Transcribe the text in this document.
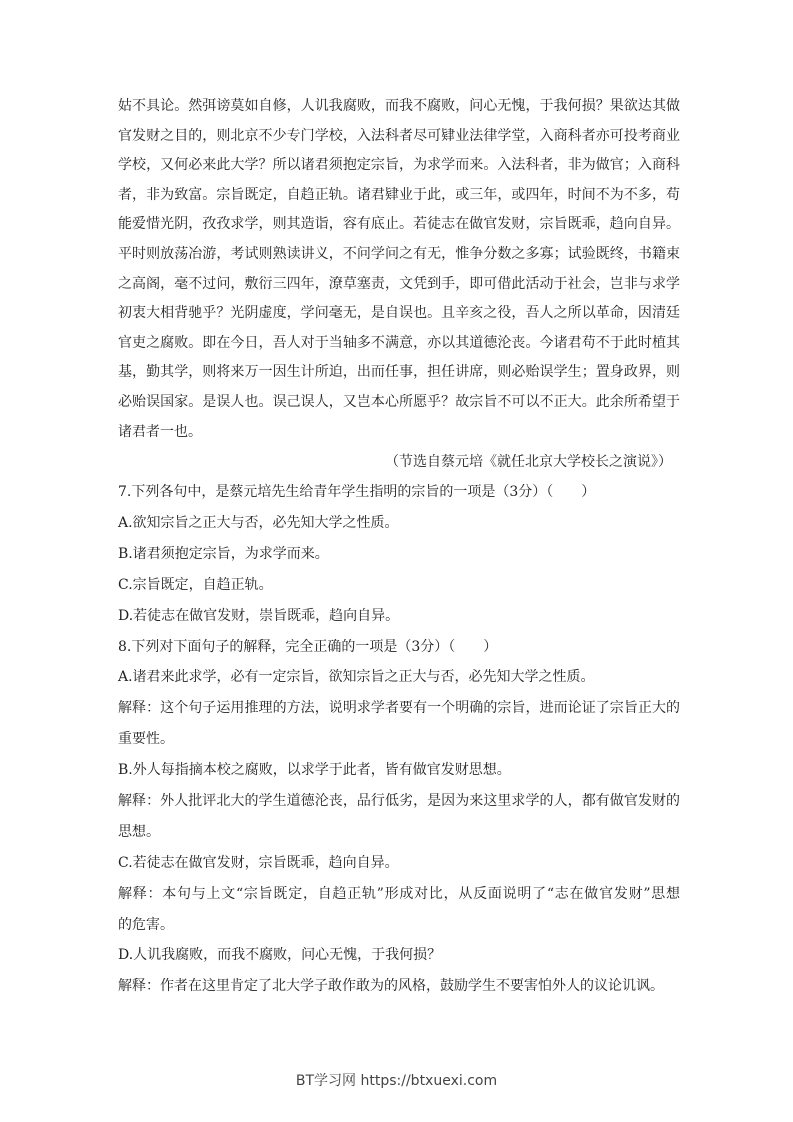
姑不具论。然弭谤莫如自修，人讥我腐败，而我不腐败，问心无愧，于我何损？果欲达其做
官发财之目的，则北京不少专门学校，入法科者尽可肄业法律学堂，入商科者亦可投考商业
学校，又何必来此大学？所以诸君须抱定宗旨，为求学而来。入法科者，非为做官；入商科
者，非为致富。宗旨既定，自趋正轨。诸君肄业于此，或三年，或四年，时间不为不多，苟
能爱惜光阴，孜孜求学，则其造诣，容有底止。若徒志在做官发财，宗旨既乖，趋向自异。
平时则放荡冶游，考试则熟读讲义，不问学问之有无，惟争分数之多寡；试验既终，书籍束
之高阁，毫不过问，敷衍三四年，潦草塞责，文凭到手，即可借此活动于社会，岂非与求学
初衷大相背驰乎？光阴虚度，学问毫无，是自误也。且辛亥之役，吾人之所以革命，因清廷
官吏之腐败。即在今日，吾人对于当轴多不满意，亦以其道德沦丧。今诸君苟不于此时植其
基，勤其学，则将来万一因生计所迫，出而任事，担任讲席，则必贻误学生；置身政界，则
必贻误国家。是误人也。误己误人，又岂本心所愿乎？故宗旨不可以不正大。此余所希望于
诸君者一也。
（节选自蔡元培《就任北京大学校长之演说》）
7.下列各句中，是蔡元培先生给青年学生指明的宗旨的一项是（3分）（　　）
A.欲知宗旨之正大与否，必先知大学之性质。
B.诸君须抱定宗旨，为求学而来。
C.宗旨既定，自趋正轨。
D.若徒志在做官发财，崇旨既乖，趋向自异。
8.下列对下面句子的解释，完全正确的一项是（3分）（　　）
A.诸君来此求学，必有一定宗旨，欲知宗旨之正大与否，必先知大学之性质。
解释：这个句子运用推理的方法，说明求学者要有一个明确的宗旨，进而论证了宗旨正大的
重要性。
B.外人每指摘本校之腐败，以求学于此者，皆有做官发财思想。
解释：外人批评北大的学生道德沦丧，品行低劣，是因为来这里求学的人，都有做官发财的
思想。
C.若徒志在做官发财，宗旨既乖，趋向自异。
解释：本句与上文“宗旨既定，自趋正轨”形成对比，从反面说明了“志在做官发财”思想
的危害。
D.人讥我腐败，而我不腐败，问心无愧，于我何损？
解释：作者在这里肯定了北大学子敢作敢为的风格，鼓励学生不要害怕外人的议论讥讽。
BT学习网 https://btxuexi.com
